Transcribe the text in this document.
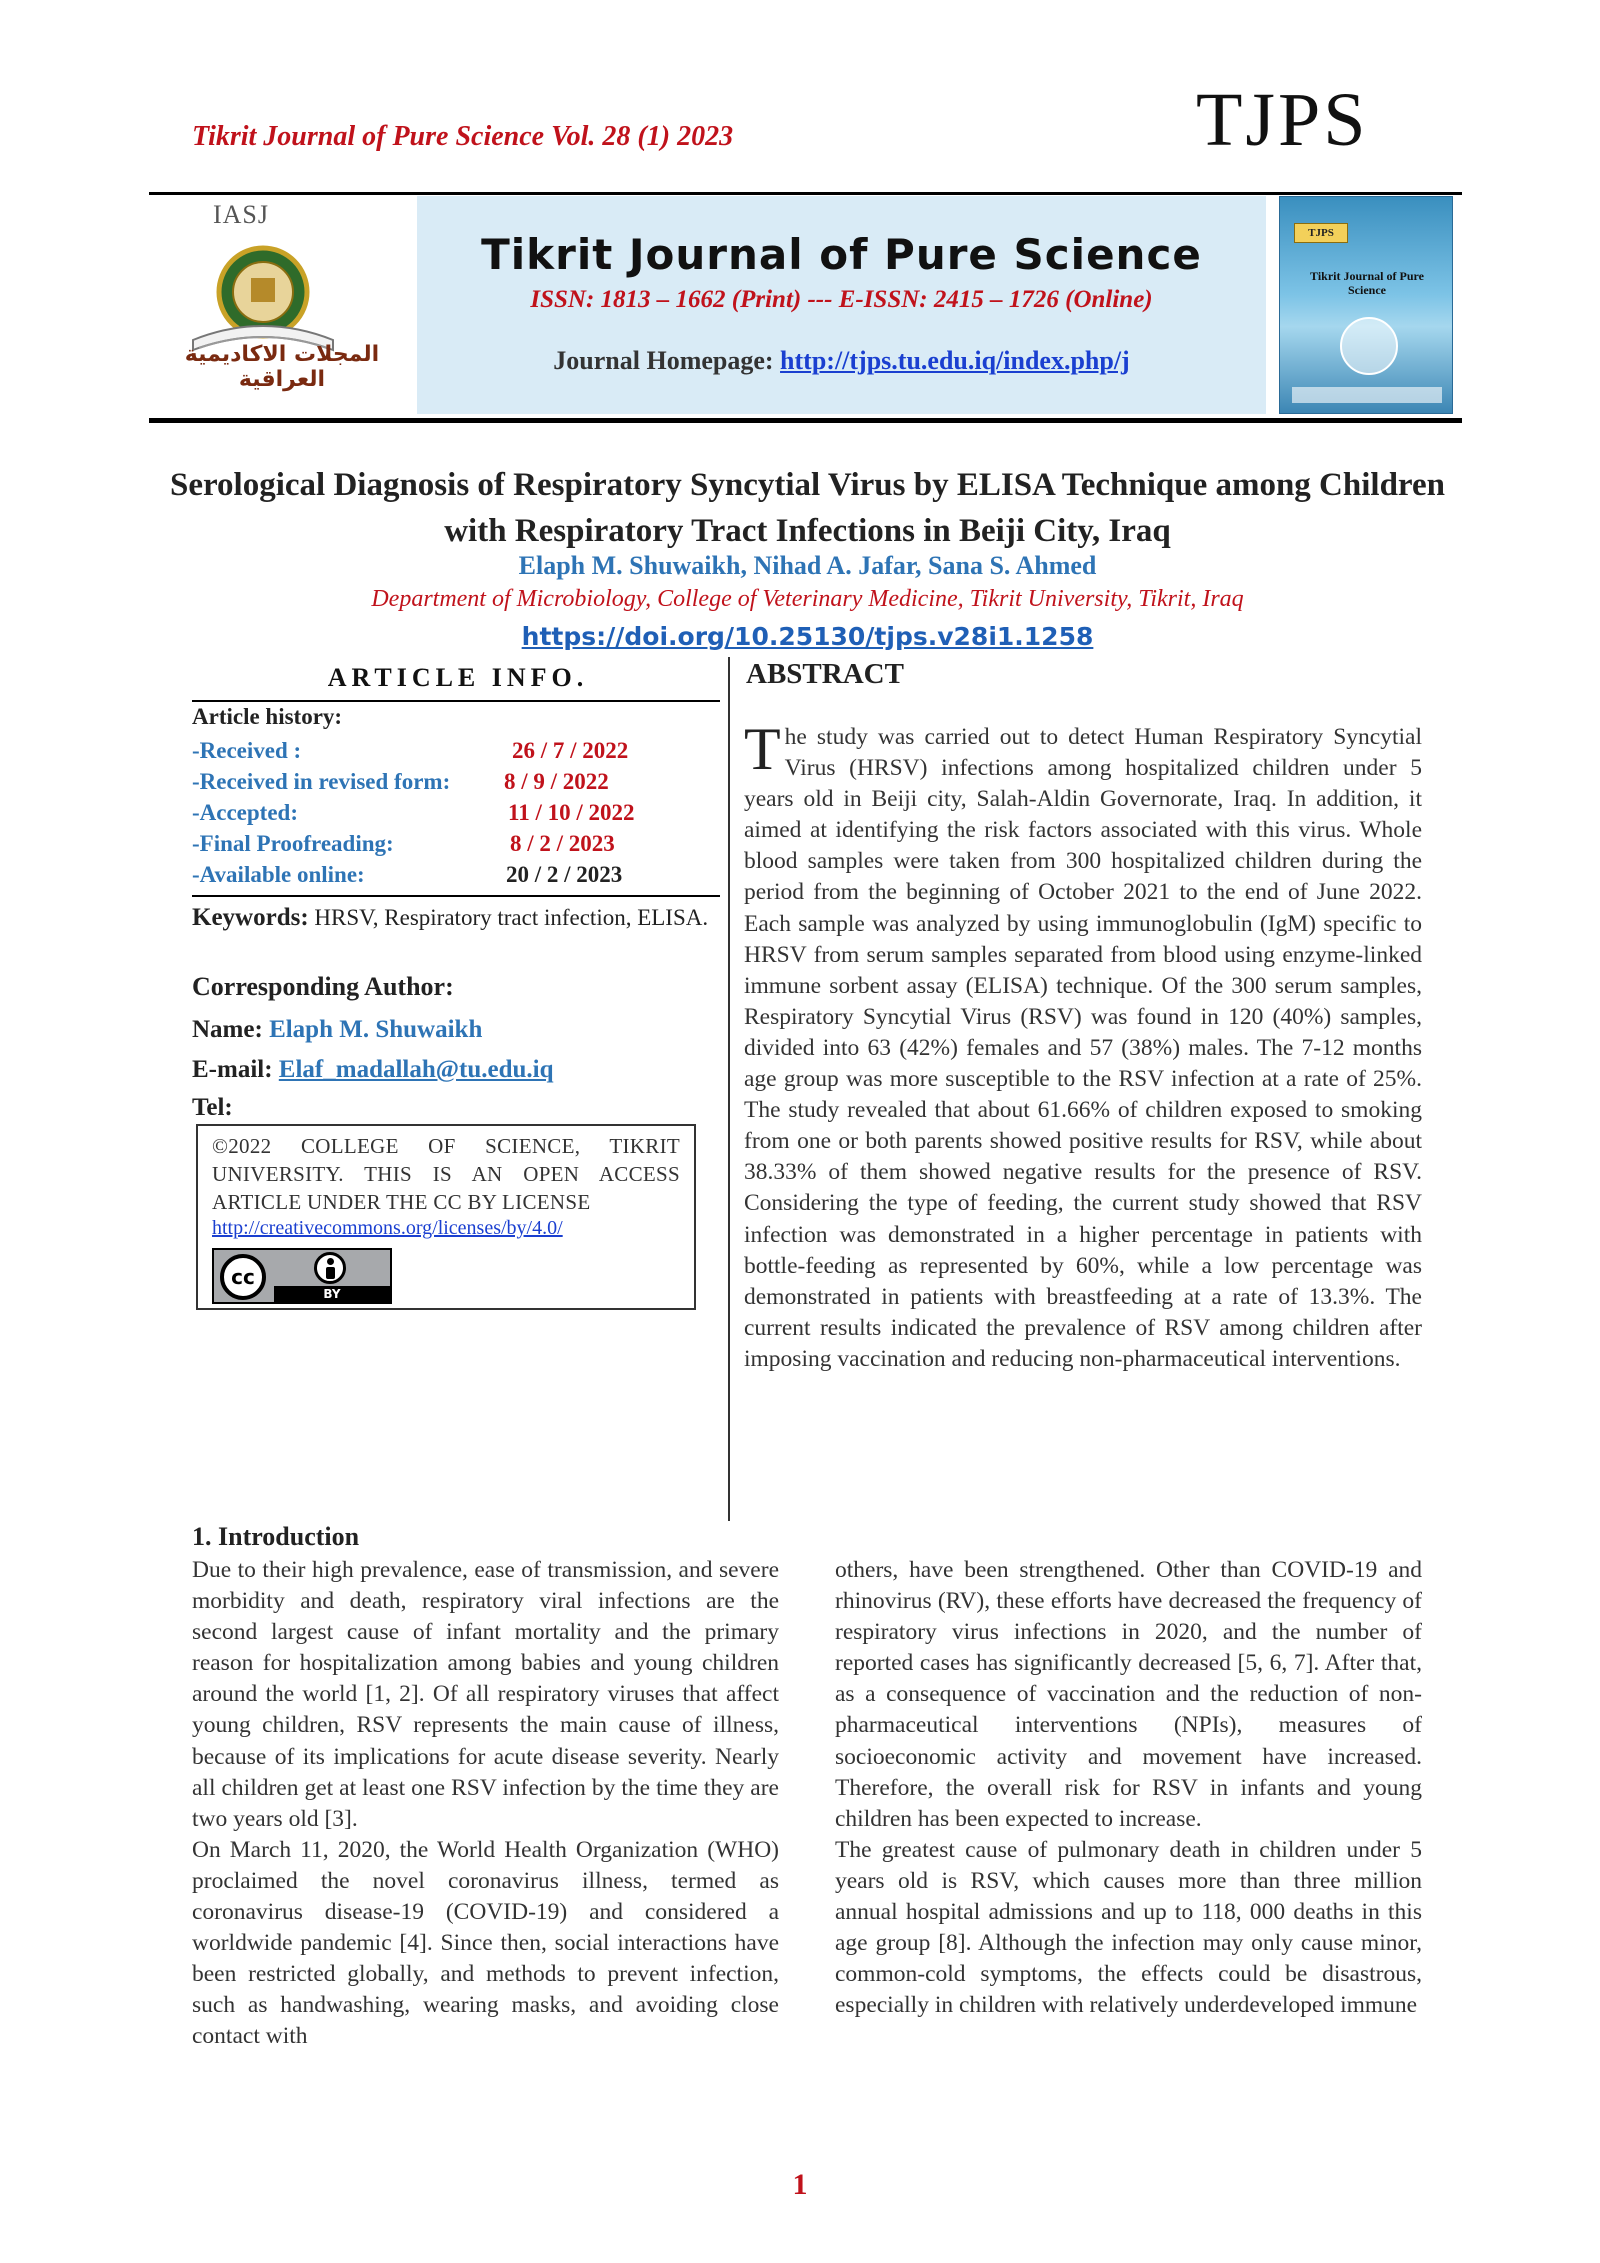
Tikrit Journal of Pure Science Vol. 28 (1) 2023	TJPS
IASJ
المجلات الاكاديمية العراقية
Tikrit Journal of Pure Science
ISSN: 1813 – 1662 (Print) --- E-ISSN: 2415 – 1726 (Online)
Journal Homepage: http://tjps.tu.edu.iq/index.php/j
TJPS
Tikrit Journal of Pure Science
Serological Diagnosis of Respiratory Syncytial Virus by ELISA Technique among Children with Respiratory Tract Infections in Beiji City, Iraq
Elaph M. Shuwaikh, Nihad A. Jafar, Sana S. Ahmed
Department of Microbiology, College of Veterinary Medicine, Tikrit University, Tikrit, Iraq
https://doi.org/10.25130/tjps.v28i1.1258
ARTICLE INFO.
Article history:
-Received :	26 / 7 / 2022
-Received in revised form: 8 / 9 / 2022
-Accepted:	11 / 10 / 2022
-Final Proofreading:	8 / 2 / 2023
-Available online:	20 / 2 / 2023
Keywords: HRSV, Respiratory tract infection, ELISA.
Corresponding Author:
Name: Elaph M. Shuwaikh
E-mail: Elaf_madallah@tu.edu.iq
Tel:
©2022 COLLEGE OF SCIENCE, TIKRIT UNIVERSITY. THIS IS AN OPEN ACCESS ARTICLE UNDER THE CC BY LICENSE
http://creativecommons.org/licenses/by/4.0/
cc
BY
ABSTRACT
The study was carried out to detect Human Respiratory Syncytial Virus (HRSV) infections among hospitalized children under 5 years old in Beiji city, Salah-Aldin Governorate, Iraq. In addition, it aimed at identifying the risk factors associated with this virus. Whole blood samples were taken from 300 hospitalized children during the period from the beginning of October 2021 to the end of June 2022. Each sample was analyzed by using immunoglobulin (IgM) specific to HRSV from serum samples separated from blood using enzyme-linked immune sorbent assay (ELISA) technique. Of the 300 serum samples, Respiratory Syncytial Virus (RSV) was found in 120 (40%) samples, divided into 63 (42%) females and 57 (38%) males. The 7-12 months age group was more susceptible to the RSV infection at a rate of 25%. The study revealed that about 61.66% of children exposed to smoking from one or both parents showed positive results for RSV, while about 38.33% of them showed negative results for the presence of RSV. Considering the type of feeding, the current study showed that RSV infection was demonstrated in a higher percentage in patients with bottle-feeding as represented by 60%, while a low percentage was demonstrated in patients with breastfeeding at a rate of 13.3%. The current results indicated the prevalence of RSV among children after imposing vaccination and reducing non-pharmaceutical interventions.
1. Introduction

Due to their high prevalence, ease of transmission, and severe morbidity and death, respiratory viral infections are the second largest cause of infant mortality and the primary reason for hospitalization among babies and young children around the world [1, 2]. Of all respiratory viruses that affect young children, RSV represents the main cause of illness, because of its implications for acute disease severity. Nearly all children get at least one RSV infection by the time they are two years old [3].

On March 11, 2020, the World Health Organization (WHO) proclaimed the novel coronavirus illness, termed as coronavirus disease-19 (COVID-19) and considered a worldwide pandemic [4]. Since then, social interactions have been restricted globally, and methods to prevent infection, such as handwashing, wearing masks, and avoiding close contact with

others, have been strengthened. Other than COVID-19 and rhinovirus (RV), these efforts have decreased the frequency of respiratory virus infections in 2020, and the number of reported cases has significantly decreased [5, 6, 7]. After that, as a consequence of vaccination and the reduction of non-pharmaceutical interventions (NPIs), measures of socioeconomic activity and movement have increased. Therefore, the overall risk for RSV in infants and young children has been expected to increase.

The greatest cause of pulmonary death in children under 5 years old is RSV, which causes more than three million annual hospital admissions and up to 118, 000 deaths in this age group [8]. Although the infection may only cause minor, common-cold symptoms, the effects could be disastrous, especially in children with relatively underdeveloped immune

1
